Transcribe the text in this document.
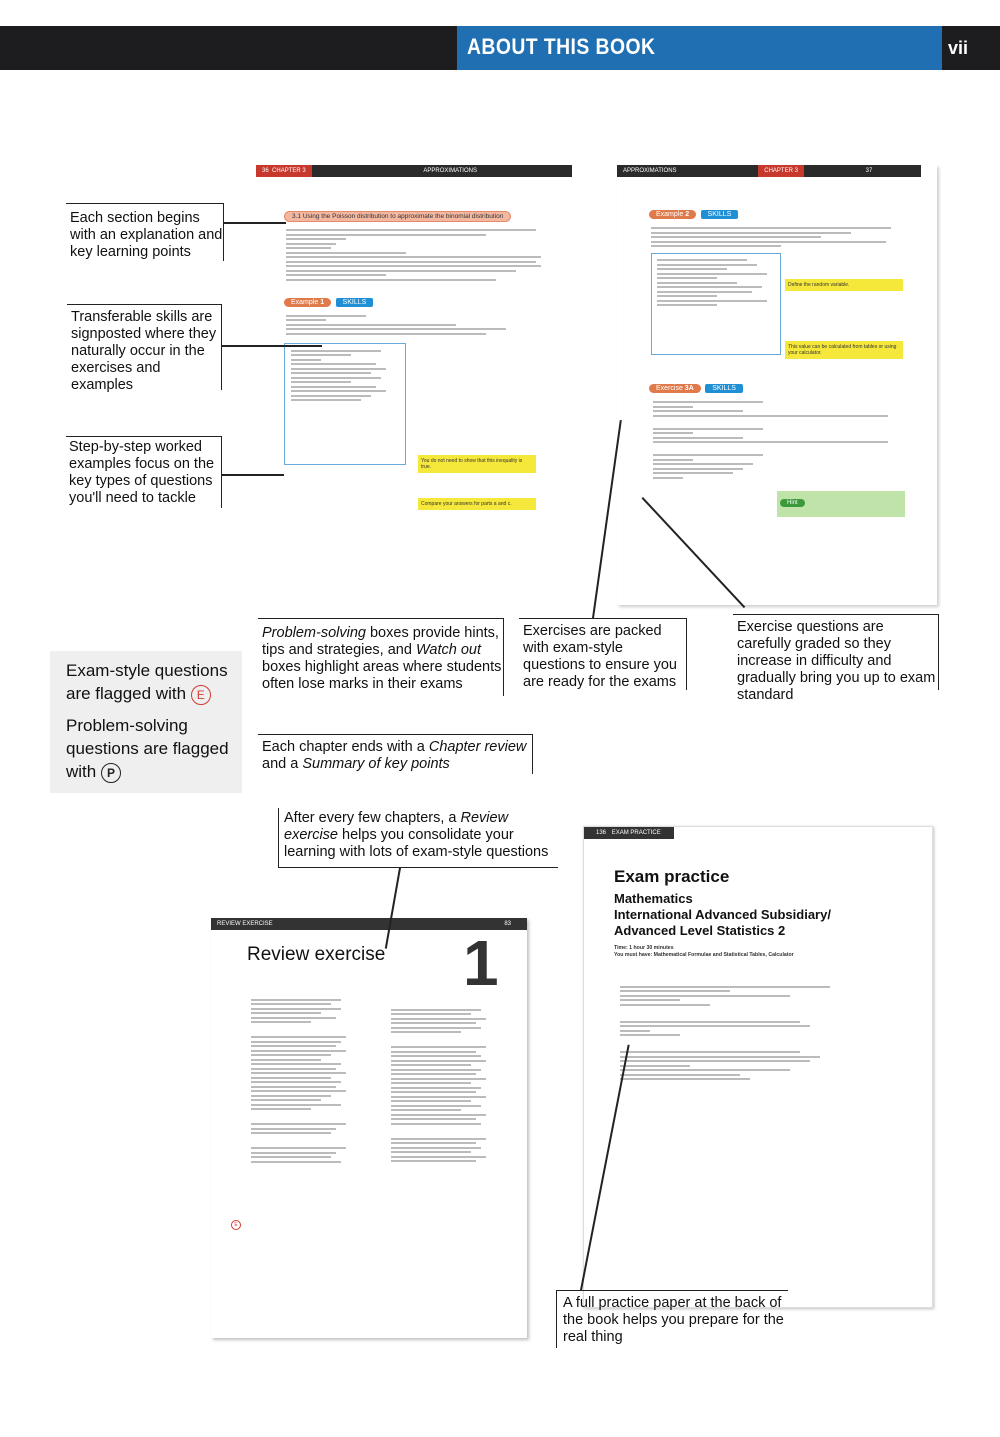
ABOUT THIS BOOK	vii
36 CHAPTER 3	APPROXIMATIONS
3.1 Using the Poisson distribution to approximate the binomial distribution
Example 1	SKILLS
You do not need to show that this inequality is true.
Compare your answers for parts a and c.
APPROXIMATIONS	CHAPTER 3	37
Example 2	SKILLS
Define the random variable.
This value can be calculated from tables or using your calculator.
Exercise 3A	SKILLS
Hint
REVIEW EXERCISE	83
Review exercise 1
E
136 EXAM PRACTICE
Exam practice
Mathematics
International Advanced Subsidiary/ Advanced Level Statistics 2
Time: 1 hour 30 minutes
You must have: Mathematical Formulae and Statistical Tables, Calculator
Each section begins with an explanation and key learning points
Transferable skills are signposted where they naturally occur in the exercises and examples
Step-by-step worked examples focus on the key types of questions you'll need to tackle
Problem-solving boxes provide hints, tips and strategies, and Watch out boxes highlight areas where students often lose marks in their exams
Exercises are packed with exam-style questions to ensure you are ready for the exams
Exercise questions are carefully graded so they increase in difficulty and gradually bring you up to exam standard
Each chapter ends with a Chapter review and a Summary of key points
After every few chapters, a Review exercise helps you consolidate your learning with lots of exam-style questions
A full practice paper at the back of the book helps you prepare for the real thing
Exam-style questions are flagged with E
Problem-solving questions are flagged with P
